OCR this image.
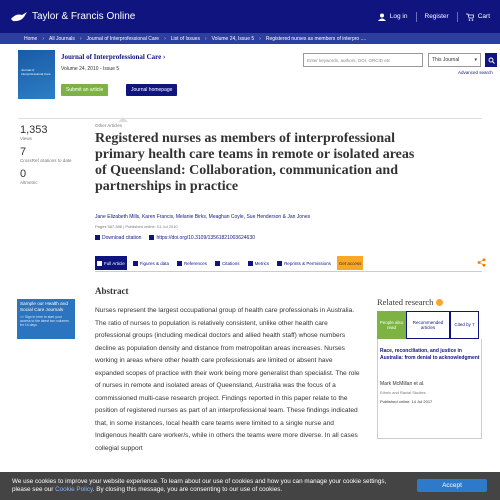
Taylor & Francis Online	Log in	Register	Cart
Home › All Journals › Journal of Interprofessional Care › List of Issues › Volume 24, Issue 5 › Registered nurses as members of interpro ....
Journal of Interprofessional Care
Journal of Interprofessional Care ›
Volume 24, 2010 - Issue 5
Submit an article	Journal homepage
Enter keywords, authors, DOI, ORCID etc	This Journal	▾
Advanced search
1,353
Views
7
CrossRef citations to date
0
Altmetric
Other Articles
Registered nurses as members of interprofessional primary health care teams in remote or isolated areas of Queensland: Collaboration, communication and partnerships in practice
Jane Elizabeth Mills, Karen Francis, Melanie Birks, Meaghan Coyle, Sue Henderson & Jan Jones
Pages 587-596 | Published online: 01 Jul 2010
Download citation	https://doi.org/10.3109/13561821003624630
Full Article	Figures & data	References	Citations	Metrics	Reprints & Permissions	Get access
Sample our Health and Social Care Journals
>> Sign in here to start your access to the latest two volumes for 14 days
Abstract

Nurses represent the largest occupational group of health care professionals in Australia. The ratio of nurses to population is relatively consistent, unlike other health care professional groups (including medical doctors and allied health staff) whose numbers decline as population density and distance from metropolitan areas increases. Nurses working in areas where other health care professionals are limited or absent have expanded scopes of practice with their work being more generalist than specialist. The role of nurses in remote and isolated areas of Queensland, Australia was the focus of a commissioned multi-case research project. Findings reported in this paper relate to the position of registered nurses as part of an interprofessional team. These findings indicated that, in some instances, local health care teams were limited to a single nurse and Indigenous health care worker/s, while in others the teams were more diverse. In all cases collegial support

Related research
People also read
Recommended articles
Cited by 7
Race, reconciliation, and justice in Australia: from denial to acknowledgment
Mark McMillan et al.
Ethnic and Racial Studies
Published online: 14 Jul 2017
We use cookies to improve your website experience. To learn about our use of cookies and how you can manage your cookie settings,
please see our Cookie Policy. By closing this message, you are consenting to our use of cookies.
Accept
